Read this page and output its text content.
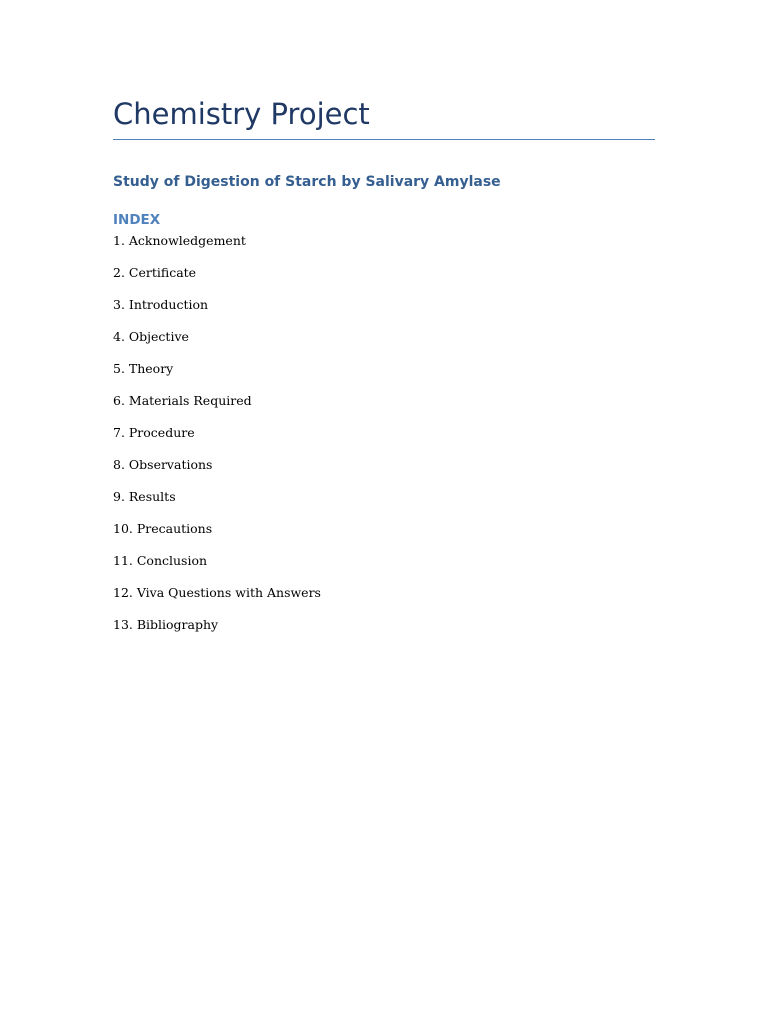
Chemistry Project
Study of Digestion of Starch by Salivary Amylase
INDEX
1. Acknowledgement
2. Certificate
3. Introduction
4. Objective
5. Theory
6. Materials Required
7. Procedure
8. Observations
9. Results
10. Precautions
11. Conclusion
12. Viva Questions with Answers
13. Bibliography
